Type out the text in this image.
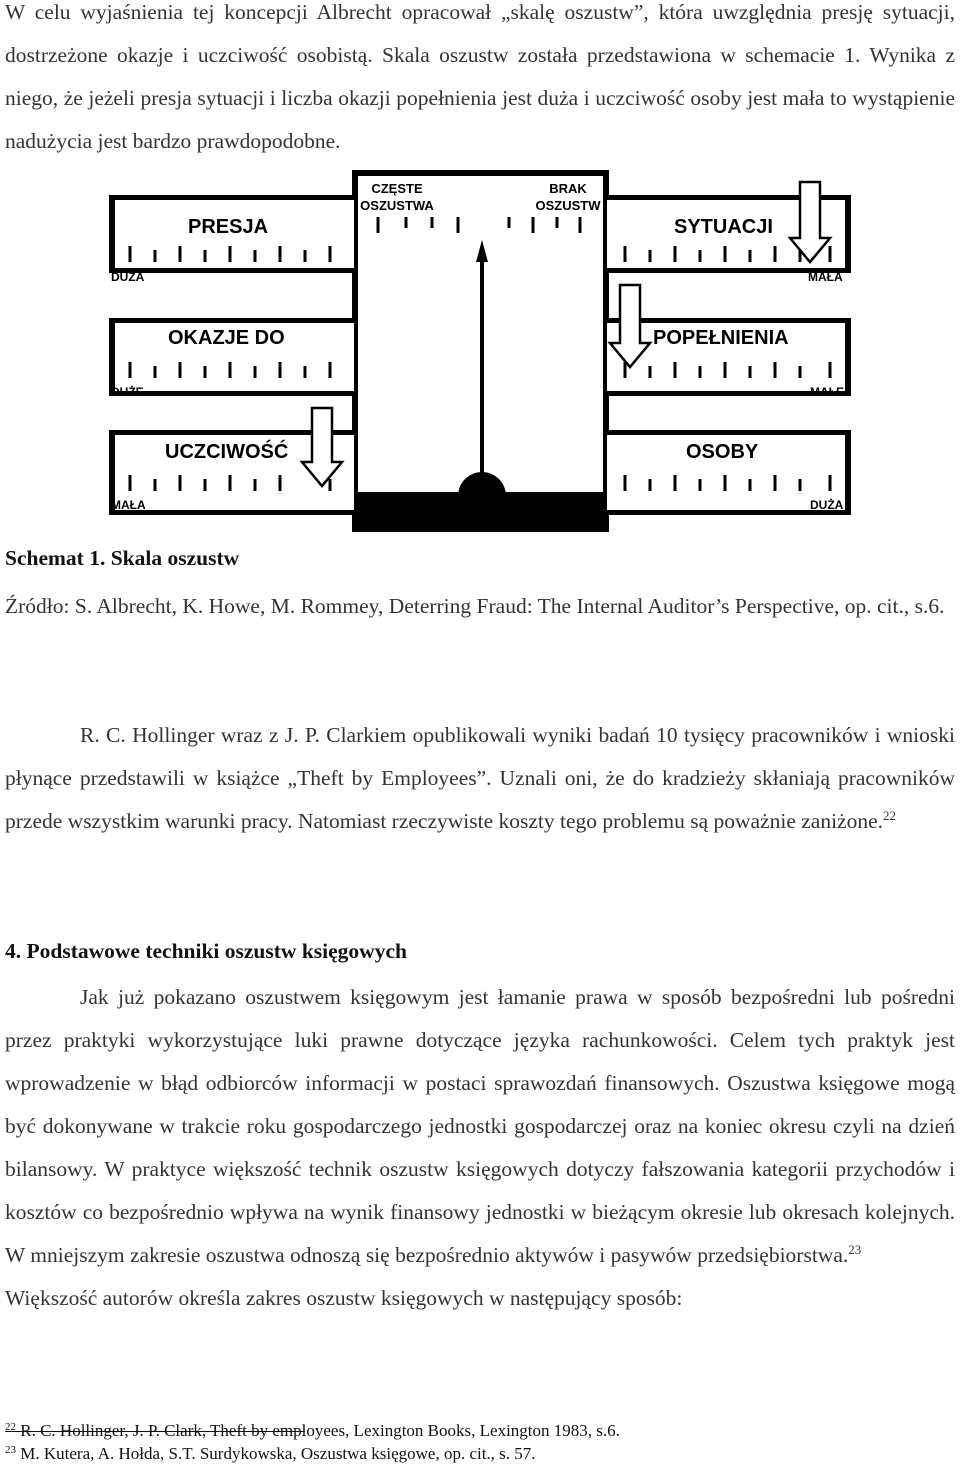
W celu wyjaśnienia tej koncepcji Albrecht opracował „skalę oszustw”, która uwzględnia presję sytuacji, dostrzeżone okazje i uczciwość osobistą. Skala oszustw została przedstawiona w schemacie 1. Wynika z niego, że jeżeli presja sytuacji i liczba okazji popełnienia jest duża i uczciwość osoby jest mała to wystąpienie nadużycia jest bardzo prawdopodobne.

CZĘSTE
OSZUSTWA
BRAK
OSZUSTW
PRESJA	SYTUACJI
DUŻA	MAŁA
OKAZJE DO	POPEŁNIENIA
DUŻE	MAŁE
UCZCIWOŚĆ	OSOBY
MAŁA	DUŻA
SKALA OSZUSTW

Schemat 1. Skala oszustw

Źródło: S. Albrecht, K. Howe, M. Rommey, Deterring Fraud: The Internal Auditor’s Perspective, op. cit., s.6.

R. C. Hollinger wraz z J. P. Clarkiem opublikowali wyniki badań 10 tysięcy pracowników i wnioski płynące przedstawili w książce „Theft by Employees”. Uznali oni, że do kradzieży skłaniają pracowników przede wszystkim warunki pracy. Natomiast rzeczywiste koszty tego problemu są poważnie zaniżone.$^{22}$

4. Podstawowe techniki oszustw księgowych

Jak już pokazano oszustwem księgowym jest łamanie prawa w sposób bezpośredni lub pośredni przez praktyki wykorzystujące luki prawne dotyczące języka rachunkowości. Celem tych praktyk jest wprowadzenie w błąd odbiorców informacji w postaci sprawozdań finansowych. Oszustwa księgowe mogą być dokonywane w trakcie roku gospodarczego jednostki gospodarczej oraz na koniec okresu czyli na dzień bilansowy. W praktyce większość technik oszustw księgowych dotyczy fałszowania kategorii przychodów i kosztów co bezpośrednio wpływa na wynik finansowy jednostki w bieżącym okresie lub okresach kolejnych. W mniejszym zakresie oszustwa odnoszą się bezpośrednio aktywów i pasywów przedsiębiorstwa.$^{23}$
Większość autorów określa zakres oszustw księgowych w następujący sposób:

$^{22}$ R. C. Hollinger, J. P. Clark, Theft by employees, Lexington Books, Lexington 1983, s.6.
$^{23}$ M. Kutera, A. Hołda, S.T. Surdykowska, Oszustwa księgowe, op. cit., s. 57.
